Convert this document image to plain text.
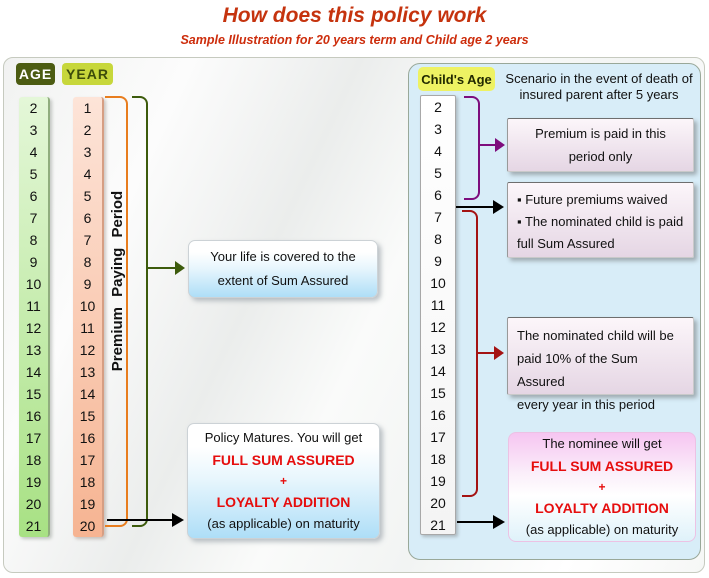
How does this policy work
Sample Illustration for 20 years term and Child age 2 years
AGE YEAR
2
3
4
5
6
7
8
9
10
11
12
13
14
15
16
17
18
19
20
21
1
2
3
4
5
6
7
8
9
10
11
12
13
14
15
16
17
18
19
20
Premium Paying Period	Your life is covered to the
extent of Sum Assured
Policy Matures. You will get
FULL SUM ASSURED
+
LOYALTY ADDITION
(as applicable) on maturity
Child's Age	Scenario in the event of death of
insured parent after 5 years
2
3
4
5
6
7
8
9
10
11
12
13
14
15
16
17
18
19
20
21
Premium is paid in this
period only
▪ Future premiums waived
▪ The nominated child is paid
full Sum Assured
The nominated child will be
paid 10% of the Sum Assured
every year in this period
The nominee will get
FULL SUM ASSURED
+
LOYALTY ADDITION
(as applicable) on maturity
